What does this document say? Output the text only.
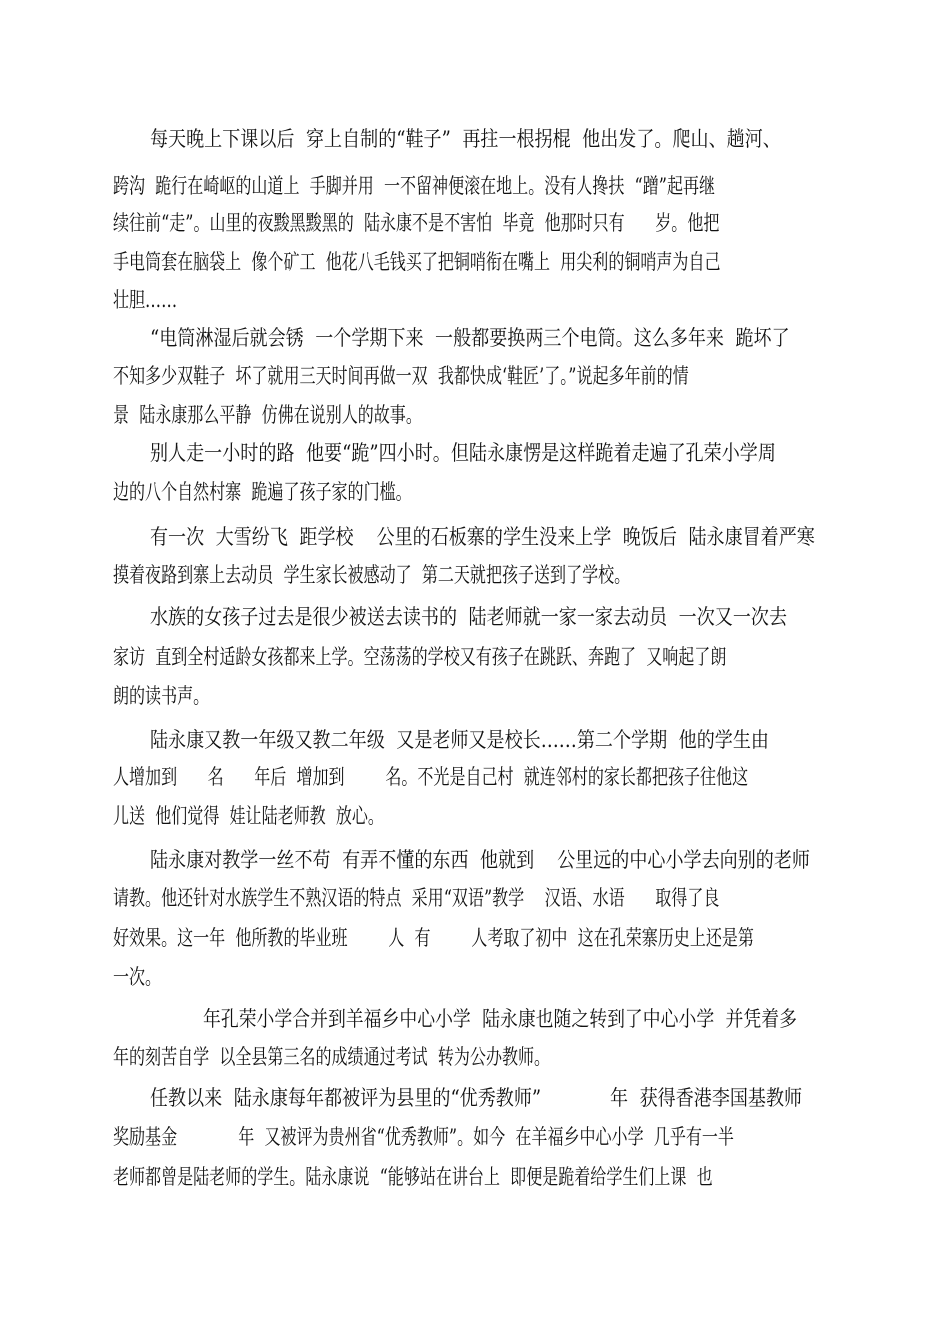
每天晚上下课以后  穿上自制的“鞋子”  再拄一根拐棍  他出发了。爬山、趟河、
跨沟  跪行在崎岖的山道上  手脚并用  一不留神便滚在地上。没有人搀扶  “蹭”起再继
续往前“走”。山里的夜黢黑黢黑的  陆永康不是不害怕  毕竟  他那时只有      岁。他把
手电筒套在脑袋上  像个矿工  他花八毛钱买了把铜哨衔在嘴上  用尖利的铜哨声为自己
壮胆……
“电筒淋湿后就会锈  一个学期下来  一般都要换两三个电筒。这么多年来  跪坏了
不知多少双鞋子  坏了就用三天时间再做一双  我都快成‘鞋匠’了。”说起多年前的情
景  陆永康那么平静  仿佛在说别人的故事。
别人走一小时的路  他要“跪”四小时。但陆永康愣是这样跪着走遍了孔荣小学周
边的八个自然村寨  跪遍了孩子家的门槛。
有一次  大雪纷飞  距学校    公里的石板寨的学生没来上学  晚饭后  陆永康冒着严寒
摸着夜路到寨上去动员  学生家长被感动了  第二天就把孩子送到了学校。
水族的女孩子过去是很少被送去读书的  陆老师就一家一家去动员  一次又一次去
家访  直到全村适龄女孩都来上学。空荡荡的学校又有孩子在跳跃、奔跑了  又响起了朗
朗的读书声。
陆永康又教一年级又教二年级  又是老师又是校长……第二个学期  他的学生由
人增加到      名      年后  增加到        名。不光是自己村  就连邻村的家长都把孩子往他这
儿送  他们觉得  娃让陆老师教  放心。
陆永康对教学一丝不苟  有弄不懂的东西  他就到    公里远的中心小学去向别的老师
请教。他还针对水族学生不熟汉语的特点  采用“双语”教学    汉语、水语      取得了良
好效果。这一年  他所教的毕业班        人  有        人考取了初中  这在孔荣寨历史上还是第
一次。
年孔荣小学合并到羊福乡中心小学  陆永康也随之转到了中心小学  并凭着多
年的刻苦自学  以全县第三名的成绩通过考试  转为公办教师。
任教以来  陆永康每年都被评为县里的“优秀教师”            年  获得香港李国基教师
奖励基金            年  又被评为贵州省“优秀教师”。如今  在羊福乡中心小学  几乎有一半
老师都曾是陆老师的学生。陆永康说  “能够站在讲台上  即便是跪着给学生们上课  也
